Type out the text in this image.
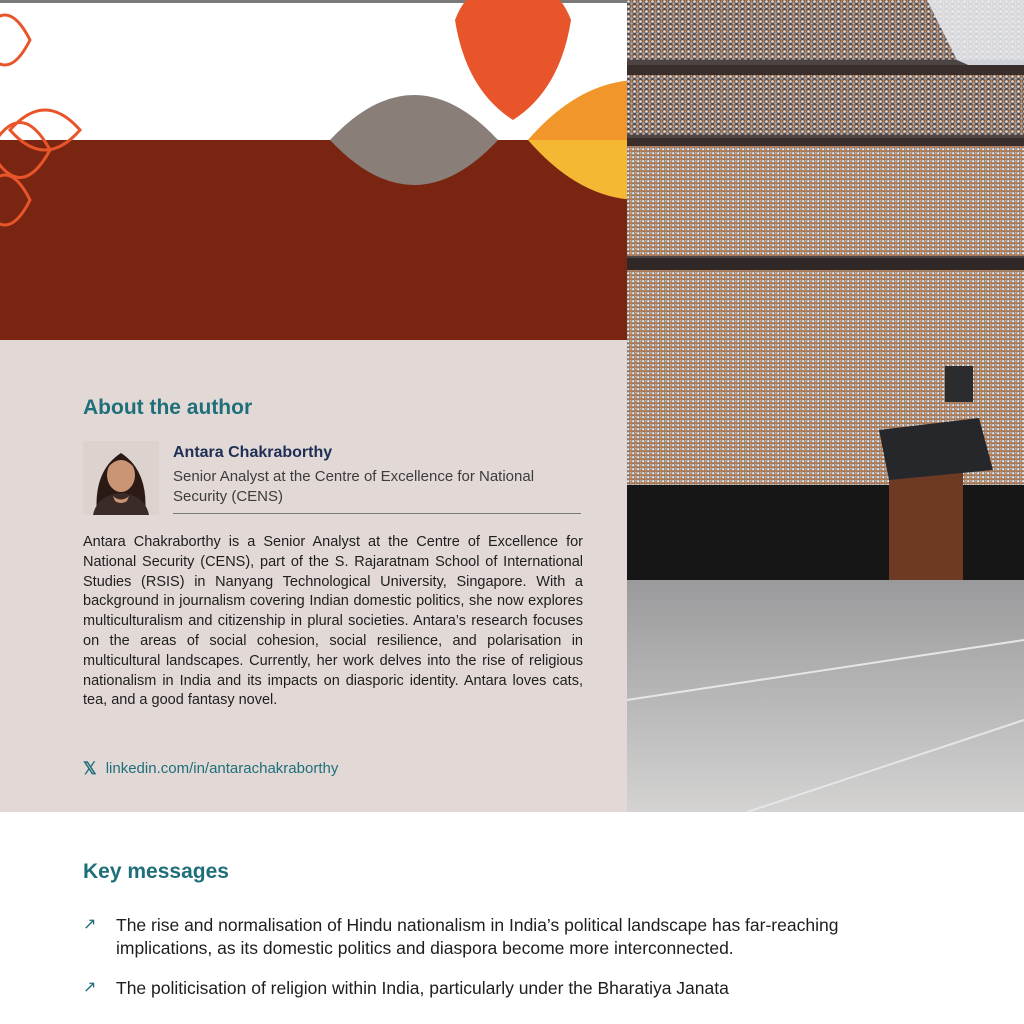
About the author

Antara Chakraborthy

Senior Analyst at the Centre of Excellence for National Security (CENS)

Antara Chakraborthy is a Senior Analyst at the Centre of Excellence for National Security (CENS), part of the S. Rajaratnam School of International Studies (RSIS) in Nanyang Technological University, Singapore. With a background in journalism covering Indian domestic politics, she now explores multiculturalism and citizenship in plural societies. Antara’s research focuses on the areas of social cohesion, social resilience, and polarisation in multicultural landscapes. Currently, her work delves into the rise of religious nationalism in India and its impacts on diasporic identity. Antara loves cats, tea, and a good fantasy novel.

𝕏 linkedin.com/in/antarachakraborthy
Key messages
↗	The rise and normalisation of Hindu nationalism in India’s political landscape has far-reaching implications, as its domestic politics and diaspora become more interconnected.
↗	The politicisation of religion within India, particularly under the Bharatiya Janata
